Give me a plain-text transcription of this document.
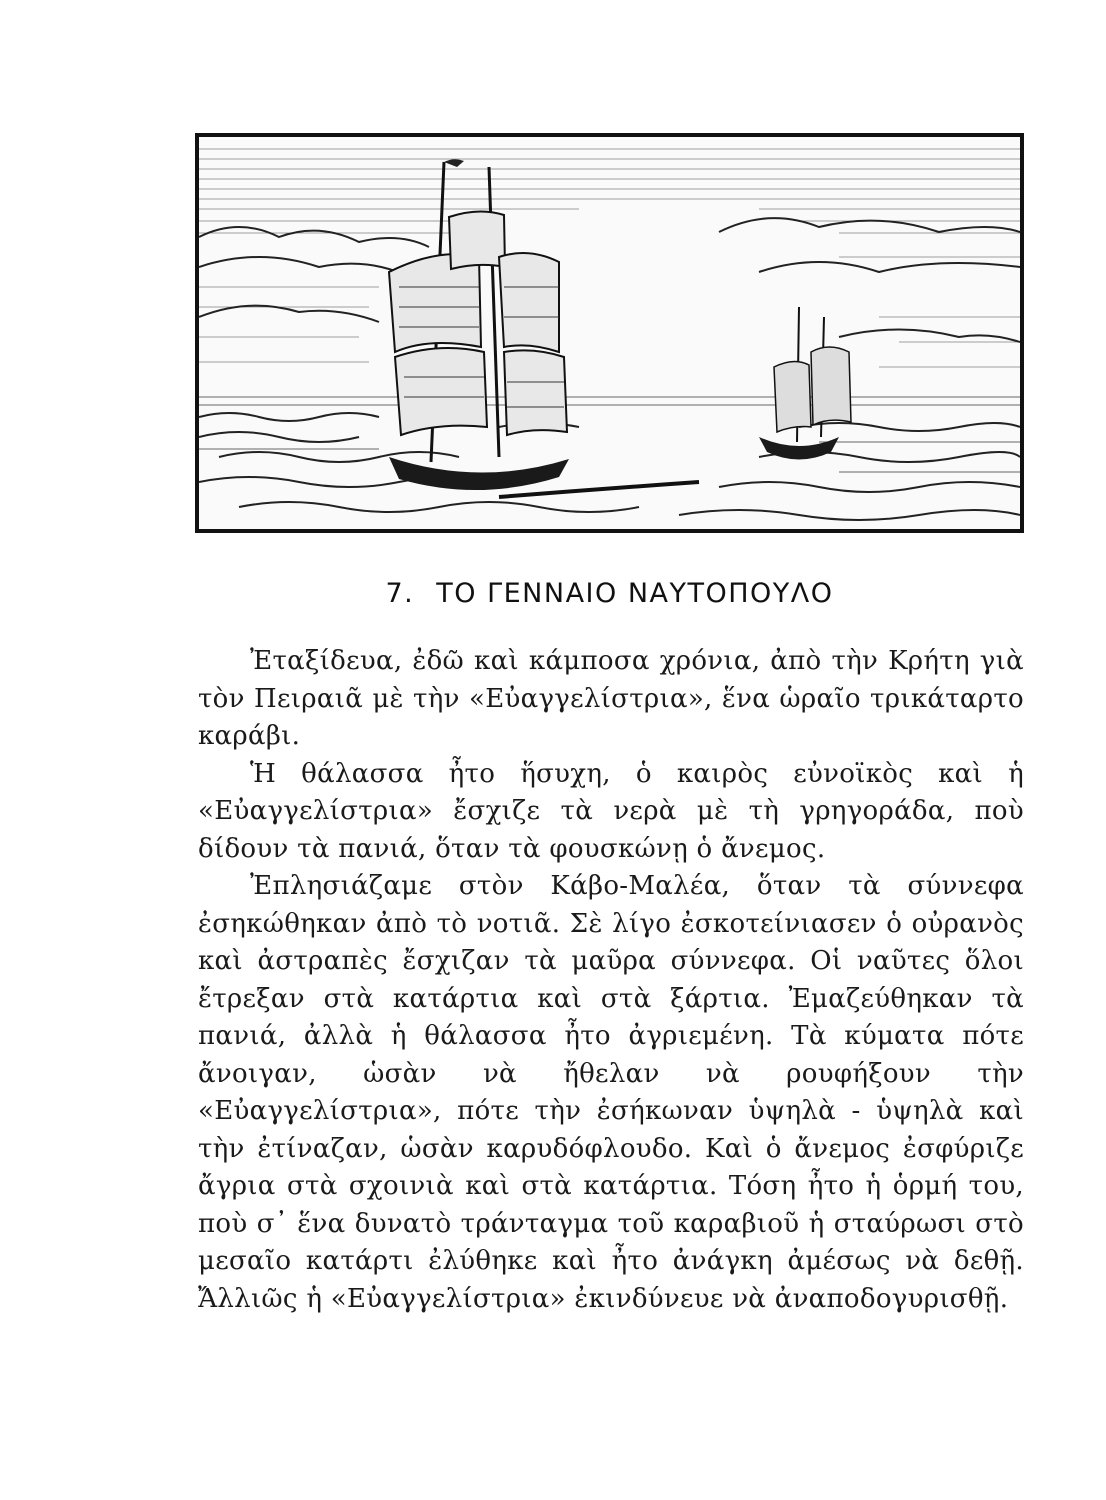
7. ΤΟ ΓΕΝΝΑΙΟ ΝΑΥΤΟΠΟΥΛΟ

Ἐταξίδευα, ἐδῶ καὶ κάμποσα χρόνια, ἀπὸ τὴν Κρήτη γιὰ τὸν Πειραιᾶ μὲ τὴν «Εὐαγγελίστρια», ἕνα ὡραῖο τρικάταρτο καράβι.

Ἡ θάλασσα ἦτο ἥσυχη, ὁ καιρὸς εὐνοϊκὸς καὶ ἡ «Εὐαγγελίστρια» ἔσχιζε τὰ νερὰ μὲ τὴ γρηγοράδα, ποὺ δίδουν τὰ πανιά, ὅταν τὰ φουσκώνῃ ὁ ἄνεμος.

Ἐπλησιάζαμε στὸν Κάβο-Μαλέα, ὅταν τὰ σύννεφα ἐσηκώθηκαν ἀπὸ τὸ νοτιᾶ. Σὲ λίγο ἐσκοτείνιασεν ὁ οὐρανὸς καὶ ἀστραπὲς ἔσχιζαν τὰ μαῦρα σύννεφα. Οἱ ναῦτες ὅλοι ἔτρεξαν στὰ κατάρτια καὶ στὰ ξάρτια. Ἐμαζεύθηκαν τὰ πανιά, ἀλλὰ ἡ θάλασσα ἦτο ἀγριεμένη. Τὰ κύματα πότε ἄνοιγαν, ὡσὰν νὰ ἤθελαν νὰ ρουφήξουν τὴν «Εὐαγγελίστρια», πότε τὴν ἐσήκωναν ὑψηλὰ - ὑψηλὰ καὶ τὴν ἐτίναζαν, ὡσὰν καρυδόφλουδο. Καὶ ὁ ἄνεμος ἐσφύριζε ἄγρια στὰ σχοινιὰ καὶ στὰ κατάρτια. Τόση ἦτο ἡ ὁρμή του, ποὺ σ᾿ ἕνα δυνατὸ τράνταγμα τοῦ καραβιοῦ ἡ σταύρωσι στὸ μεσαῖο κατάρτι ἐλύθηκε καὶ ἦτο ἀνάγκη ἀμέσως νὰ δεθῇ. Ἄλλιῶς ἡ «Εὐαγγελίστρια» ἐκινδύνευε νὰ ἀναποδογυρισθῇ.
